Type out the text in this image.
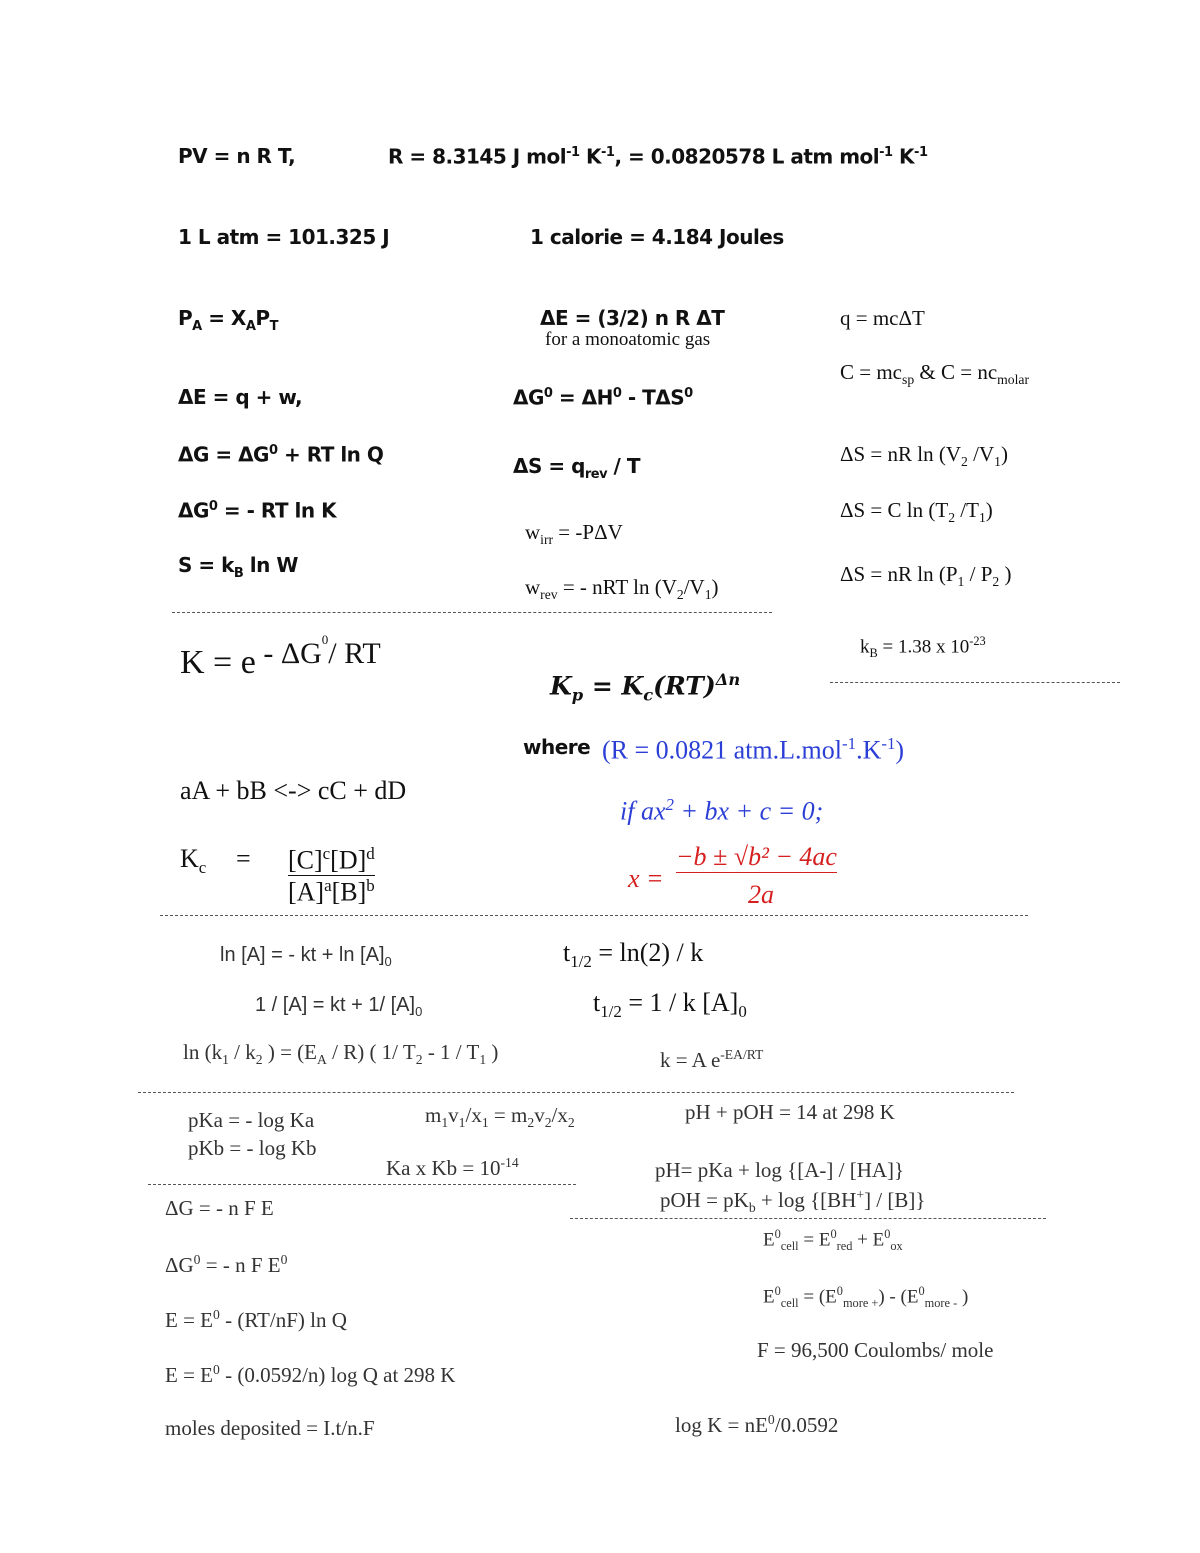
PV = n R T,	R = 8.3145 J mol$^{-1}$ $K^{-1}$, = 0.0820578 L atm mol$^{-1}$ $K^{-1}$
1 L atm = 101.325 J	1 calorie = 4.184 Joules
$P_A = X_AP_T$	ΔE = (3/2) n R ΔT
for a monoatomic gas
q = mcΔT
$C = mc_{sp}$ & $C = nc_{molar}$
ΔE = q + w,	$\Delta G^0 = \Delta H^0 - T\Delta S^0$
$\Delta G = \Delta G^0$ + RT ln Q	$\Delta S = q_{rev} / T$	ΔS = nR $\ln (V_2$ $/V_1$)
$\Delta G^0$ = - RT ln K	ΔS = C $\ln (T_2$ $/T_1$)
$w_{irr} = -P\Delta V$
$S = k_B$ ln W	ΔS = nR $\ln (P_1 / P_2$ )
$w_{rev}$ = - nRT $\ln (V_2/V_1)$
$K = e - \Delta G^0/$ RT	$k_B = 1.38$ x $10^{-23}$
$K_p = K_c(RT)^{\Delta n}$
where (R = 0.0821 $atm.L.mol^{-1}.K^{-1}$)
aA + bB <-> cC + dD
if $ax^2$ + bx + c = 0;
$K_c = [C]^c[D]^d$
$[A]^a[B]^b$	x =
−b ± √b² − 4ac
2a
ln [A] = - kt + $\ln [A]_0$	$t_{1/2} = \ln(2) / k$
1 / [A] = kt + 1/ $[A]_0$	$t_{1/2} = 1 / k$ $[A]_0$
$\ln (k_1 / k_2$ ) = $(E_A / R)$ ( 1/ $T_2 - 1 / T_1$ )	k = A $e^{-EA/RT}$
pKa = - log Ka
pKb = - log Kb
$m_1v_1/x_1 = m_2v_2/x_2$
Ka x $Kb = 10^{-14}$
pH + pOH = 14 at 298 K
pH= pKa + log {[A-] / [HA]}
pOH = $pK_b + \log \{[BH^+] / [B]\}$
ΔG = - n F E
$\Delta G^0$ = - n F $E^0$
$E = E^0 - (RT/nF)$ ln Q
$E = E^0 - (0.0592/n)$ log Q at 298 K
moles deposited = I.t/n.F
$E^0_{cell} = E^0_{red} + E^0_{ox}$
$E^0_{cell} = (E^0_{more +}) - (E^0_{more -}$ )
F = 96,500 Coulombs/ mole
$\log K = nE^0/0.0592$
